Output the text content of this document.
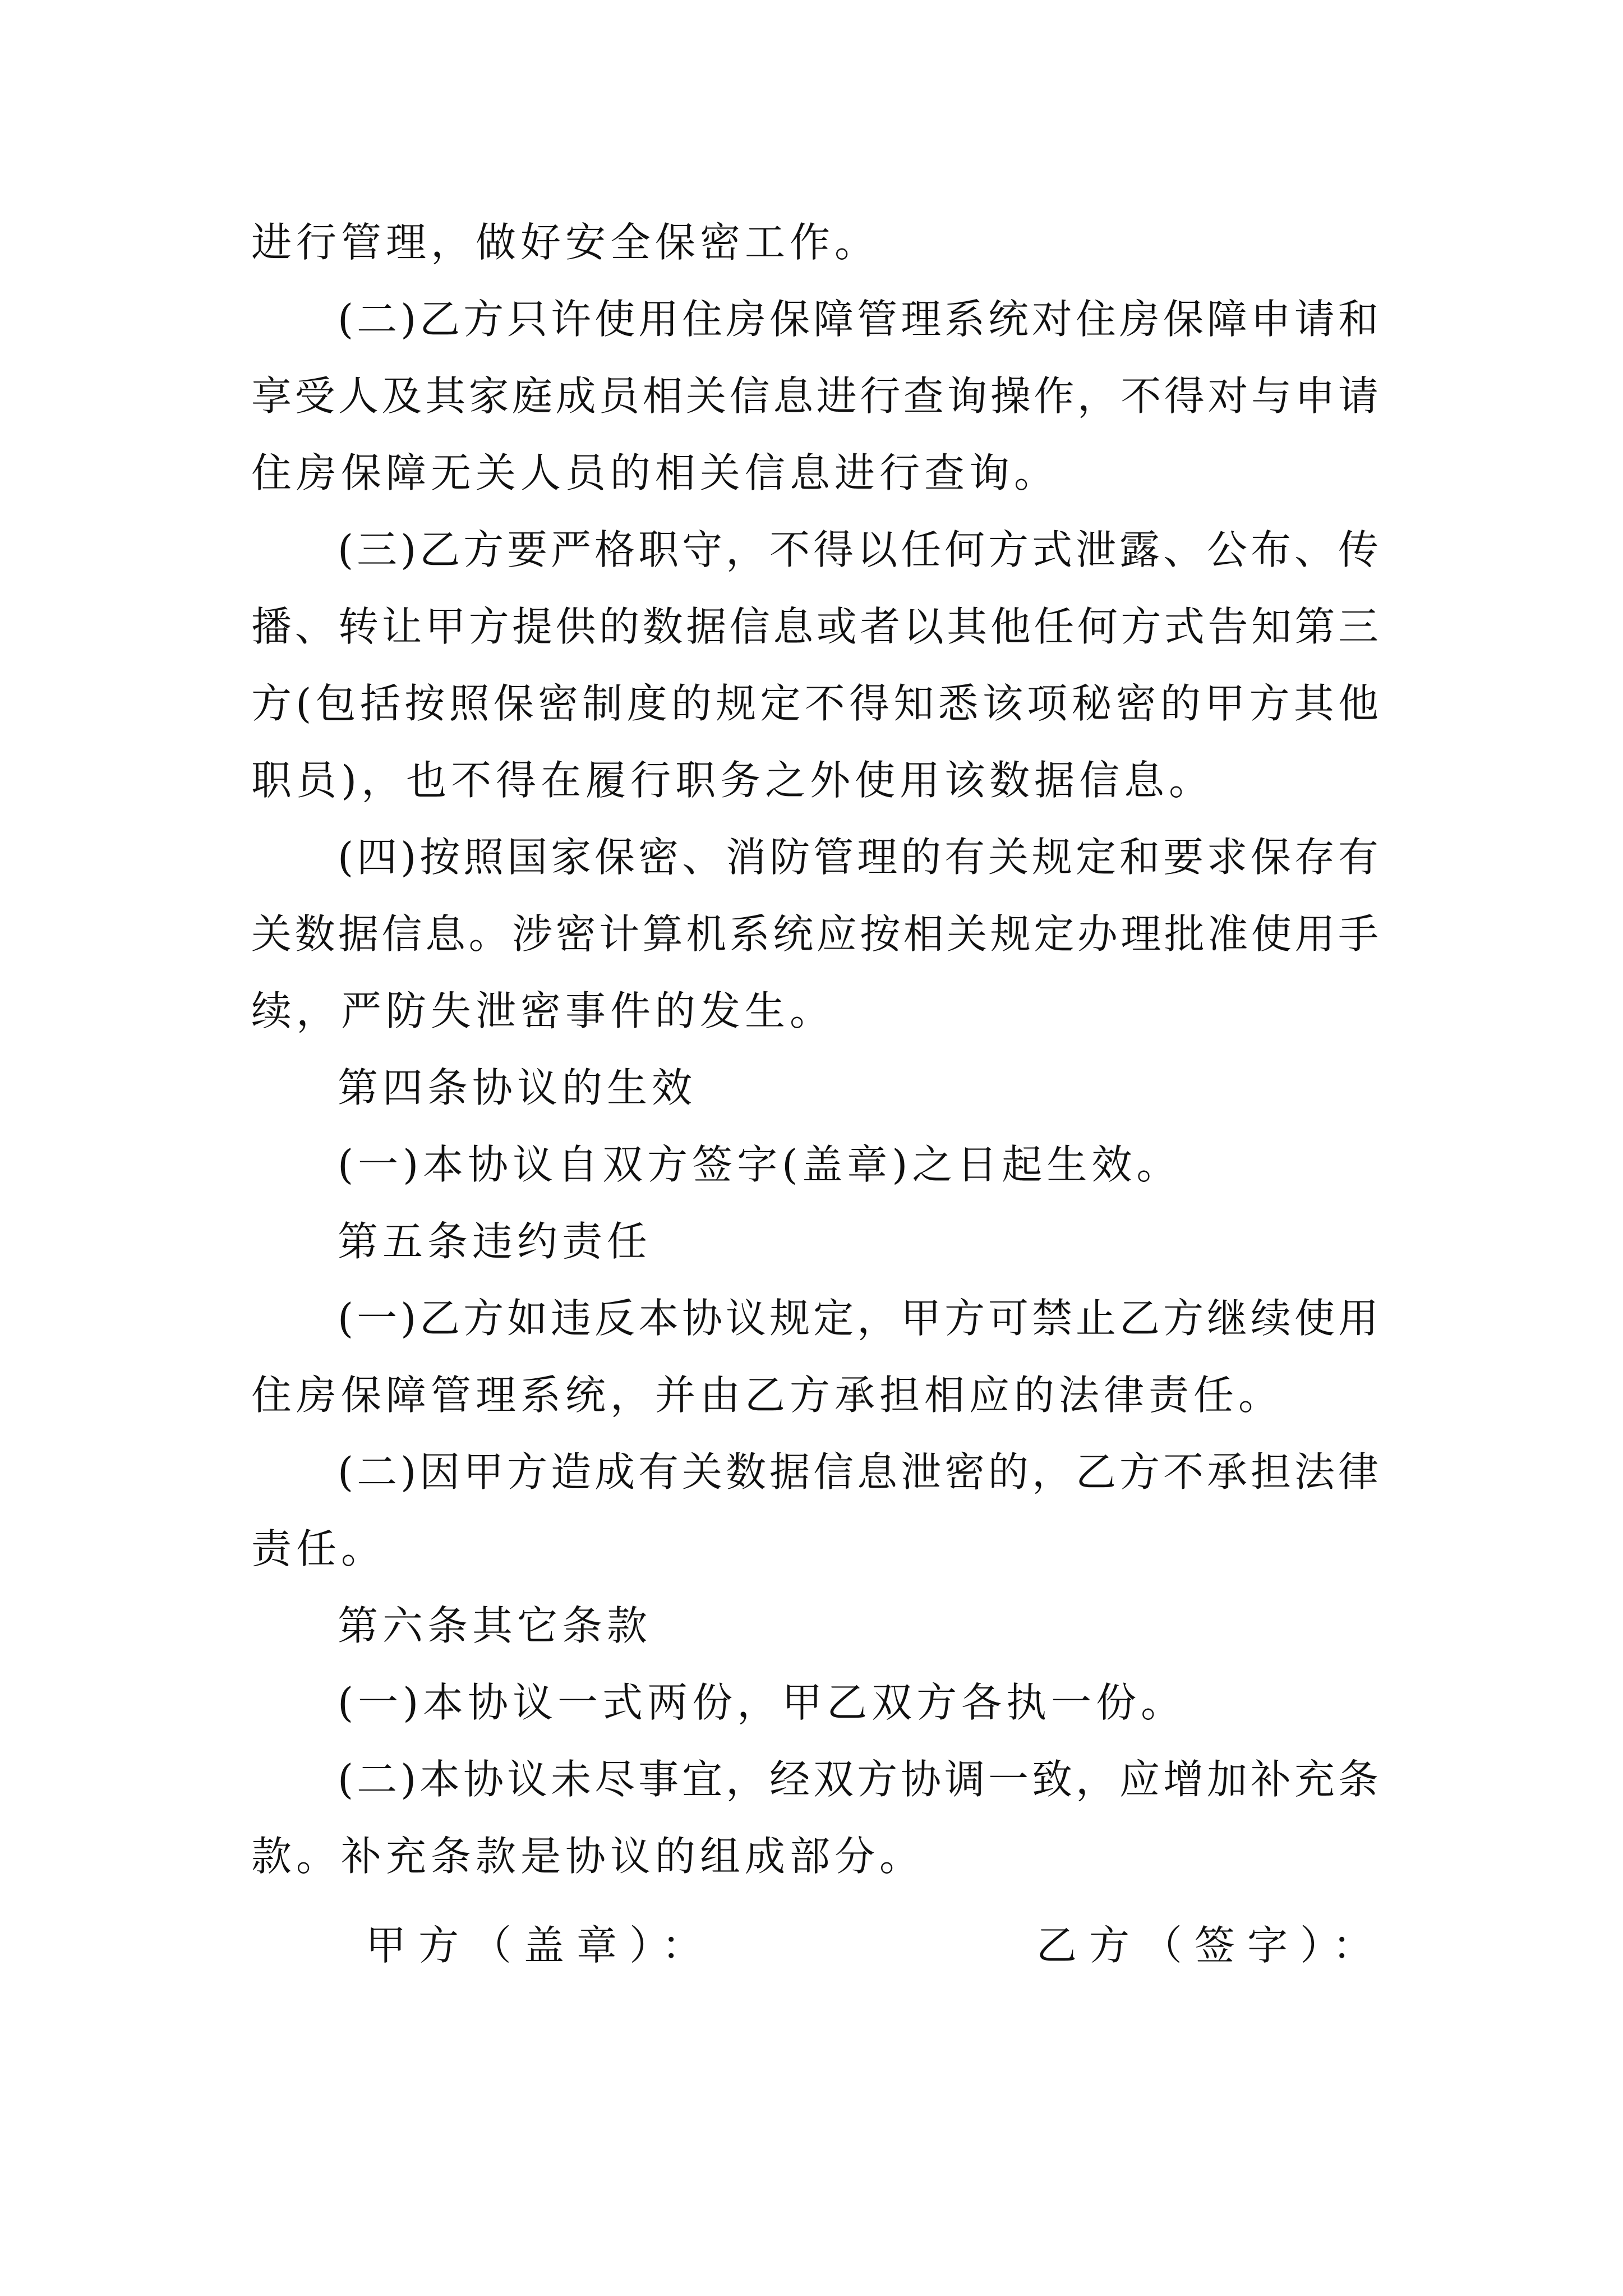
进行管理，做好安全保密工作。
(二)乙方只许使用住房保障管理系统对住房保障申请和
享受人及其家庭成员相关信息进行查询操作，不得对与申请
住房保障无关人员的相关信息进行查询。
(三)乙方要严格职守，不得以任何方式泄露、公布、传
播、转让甲方提供的数据信息或者以其他任何方式告知第三
方(包括按照保密制度的规定不得知悉该项秘密的甲方其他
职员)，也不得在履行职务之外使用该数据信息。
(四)按照国家保密、消防管理的有关规定和要求保存有
关数据信息。涉密计算机系统应按相关规定办理批准使用手
续，严防失泄密事件的发生。
第四条协议的生效
(一)本协议自双方签字(盖章)之日起生效。
第五条违约责任
(一)乙方如违反本协议规定，甲方可禁止乙方继续使用
住房保障管理系统，并由乙方承担相应的法律责任。
(二)因甲方造成有关数据信息泄密的，乙方不承担法律
责任。
第六条其它条款
(一)本协议一式两份，甲乙双方各执一份。
(二)本协议未尽事宜，经双方协调一致，应增加补充条
款。补充条款是协议的组成部分。
甲方（盖章）：	乙方（签字）：
